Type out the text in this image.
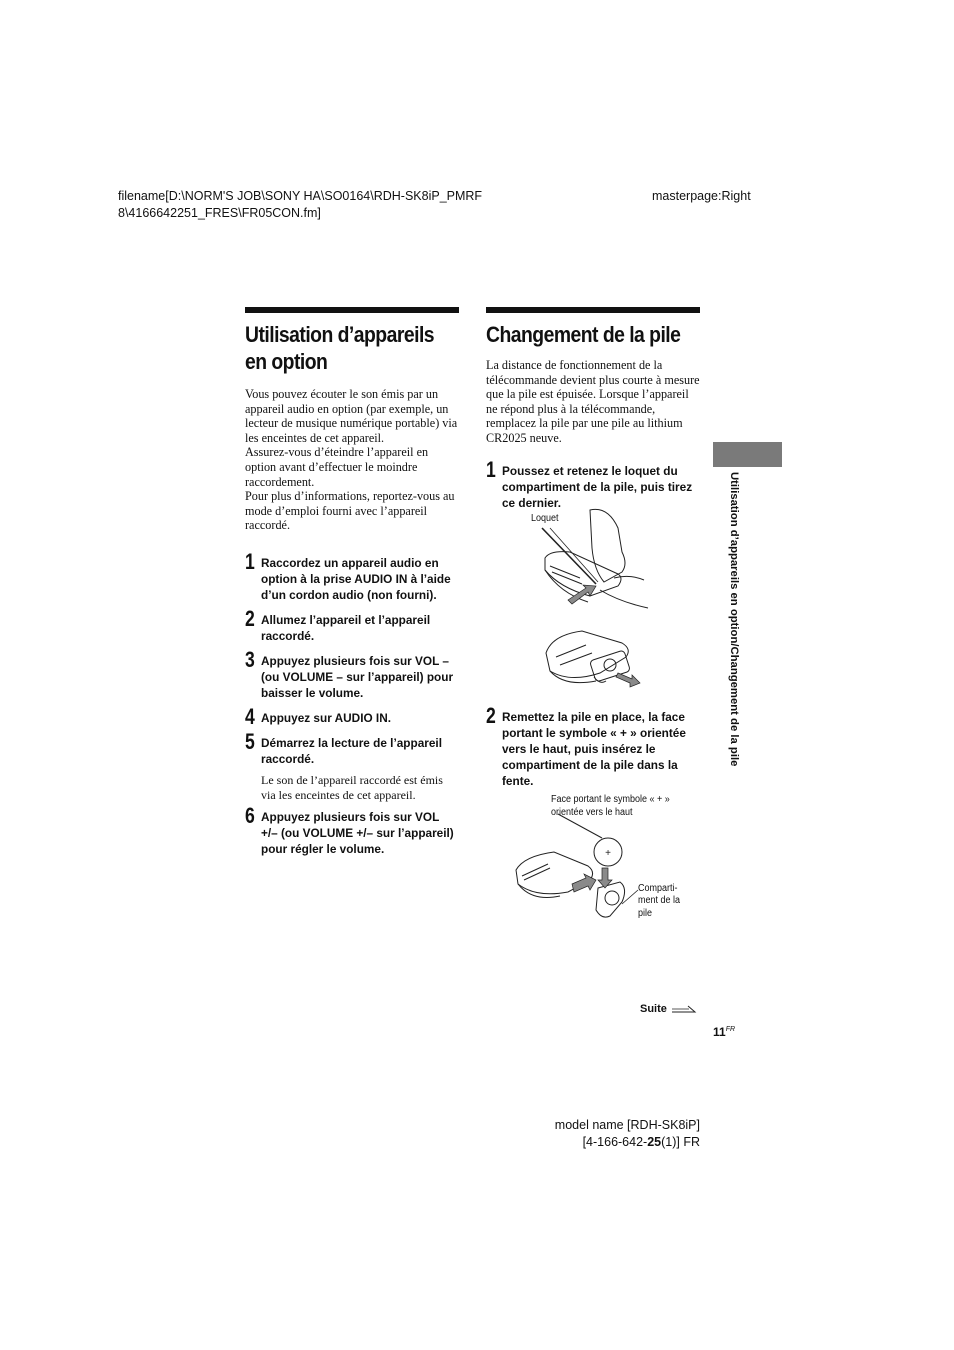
filename[D:\NORM'S JOB\SONY HA\SO0164\RDH-SK8iP_PMRF
8\4166642251_FRES\FR05CON.fm]
masterpage:Right
Utilisation d’appareils en option

Vous pouvez écouter le son émis par un appareil audio en option (par exemple, un lecteur de musique numérique portable) via les enceintes de cet appareil.

Assurez-vous d’éteindre l’appareil en option avant d’effectuer le moindre raccordement.

Pour plus d’informations, reportez-vous au mode d’emploi fourni avec l’appareil raccordé.

1 Raccordez un appareil audio en option à la prise AUDIO IN à l’aide d’un cordon audio (non fourni).
2 Allumez l’appareil et l’appareil raccordé.
3 Appuyez plusieurs fois sur VOL – (ou VOLUME – sur l’appareil) pour baisser le volume.
4 Appuyez sur AUDIO IN.
5 Démarrez la lecture de l’appareil raccordé.

Le son de l’appareil raccordé est émis via les enceintes de cet appareil.

6 Appuyez plusieurs fois sur VOL +/– (ou VOLUME +/– sur l’appareil) pour régler le volume.
Changement de la pile

La distance de fonctionnement de la télécommande devient plus courte à mesure que la pile est épuisée. Lorsque l’appareil ne répond plus à la télécommande, remplacez la pile par une pile au lithium CR2025 neuve.

1 Poussez et retenez le loquet du compartiment de la pile, puis tirez ce dernier.
2 Remettez la pile en place, la face portant le symbole « + » orientée vers le haut, puis insérez le compartiment de la pile dans la fente.
Loquet
Face portant le symbole « + »
orientée vers le haut
Comparti-
ment de la
pile
+
Utilisation d’appareils en option/Changement de la pile
Suite
$11^{FR}$
model name [RDH-SK8iP]
[4-166-642-25(1)] FR
